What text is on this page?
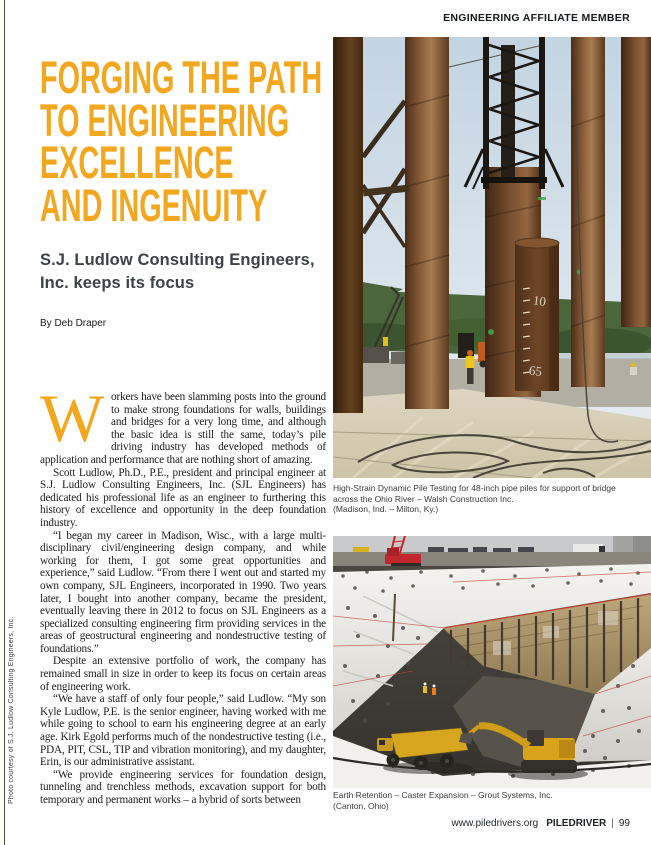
Photo courtesy of S.J. Ludlow Consulting Engineers, Inc.
ENGINEERING AFFILIATE MEMBER
FORGING THE PATH
TO ENGINEERING
EXCELLENCE
AND INGENUITY
S.J. Ludlow Consulting Engineers, Inc. keeps its focus
By Deb Draper

Workers have been slamming posts into the ground to make strong foundations for walls, buildings and bridges for a very long time, and although the basic idea is still the same, today’s pile driving industry has developed methods of application and performance that are nothing short of amazing.

Scott Ludlow, Ph.D., P.E., president and principal engineer at S.J. Ludlow Consulting Engineers, Inc. (SJL Engineers) has dedicated his professional life as an engineer to furthering this history of excellence and opportunity in the deep foundation industry.

“I began my career in Madison, Wisc., with a large multi-disciplinary civil/engineering design company, and while working for them, I got some great opportunities and experience,” said Ludlow. “From there I went out and started my own company, SJL Engineers, incorporated in 1990. Two years later, I bought into another company, became the president, eventually leaving there in 2012 to focus on SJL Engineers as a specialized consulting engineering firm providing services in the areas of geostructural engineering and nondestructive testing of foundations.”

Despite an extensive portfolio of work, the company has remained small in size in order to keep its focus on certain areas of engineering work.

“We have a staff of only four people,” said Ludlow. “My son Kyle Ludlow, P.E. is the senior engineer, having worked with me while going to school to earn his engineering degree at an early age. Kirk Egold performs much of the nondestructive testing (i.e., PDA, PIT, CSL, TIP and vibration monitoring), and my daughter, Erin, is our administrative assistant.

“We provide engineering services for foundation design, tunneling and trenchless methods, excavation support for both temporary and permanent works – a hybrid of sorts between

10
65
High-Strain Dynamic Pile Testing for 48-inch pipe piles for support of bridge across the Ohio River – Walsh Construction Inc.
(Madison, Ind. – Milton, Ky.)
Earth Retention – Caster Expansion – Grout Systems, Inc.
(Canton, Ohio)
www.piledrivers.org PILEDRIVER | 99
